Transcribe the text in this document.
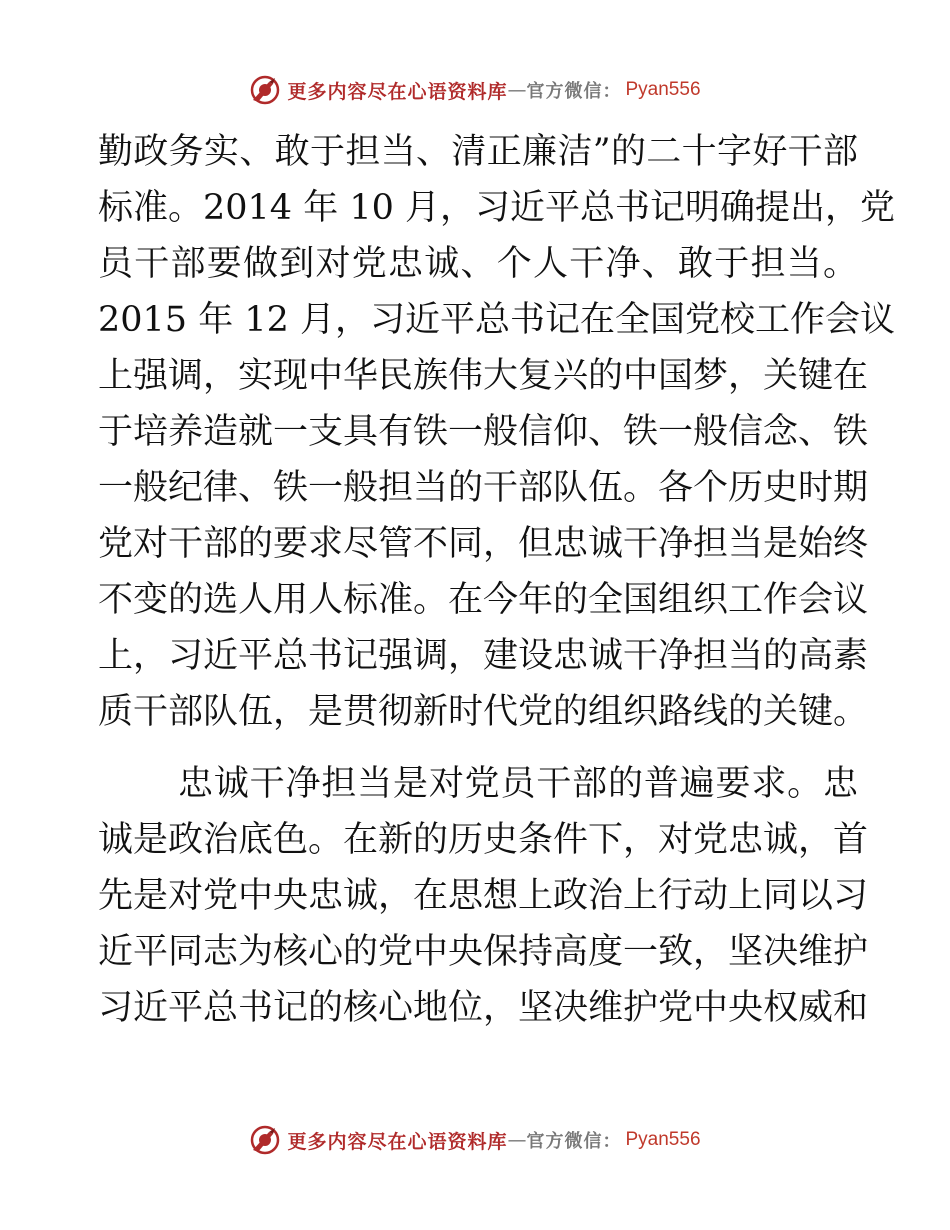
更多内容尽在心语资料库 — 官方微信： Pyan556
勤政务实、敢于担当、清正廉洁”的二十字好干部
标准。2014 年 10 月，习近平总书记明确提出，党
员干部要做到对党忠诚、个人干净、敢于担当。
2015 年 12 月，习近平总书记在全国党校工作会议
上强调，实现中华民族伟大复兴的中国梦，关键在
于培养造就一支具有铁一般信仰、铁一般信念、铁
一般纪律、铁一般担当的干部队伍。各个历史时期
党对干部的要求尽管不同，但忠诚干净担当是始终
不变的选人用人标准。在今年的全国组织工作会议
上，习近平总书记强调，建设忠诚干净担当的高素
质干部队伍，是贯彻新时代党的组织路线的关键。
忠诚干净担当是对党员干部的普遍要求。忠
诚是政治底色。在新的历史条件下，对党忠诚，首
先是对党中央忠诚，在思想上政治上行动上同以习
近平同志为核心的党中央保持高度一致，坚决维护
习近平总书记的核心地位，坚决维护党中央权威和
更多内容尽在心语资料库 — 官方微信： Pyan556
